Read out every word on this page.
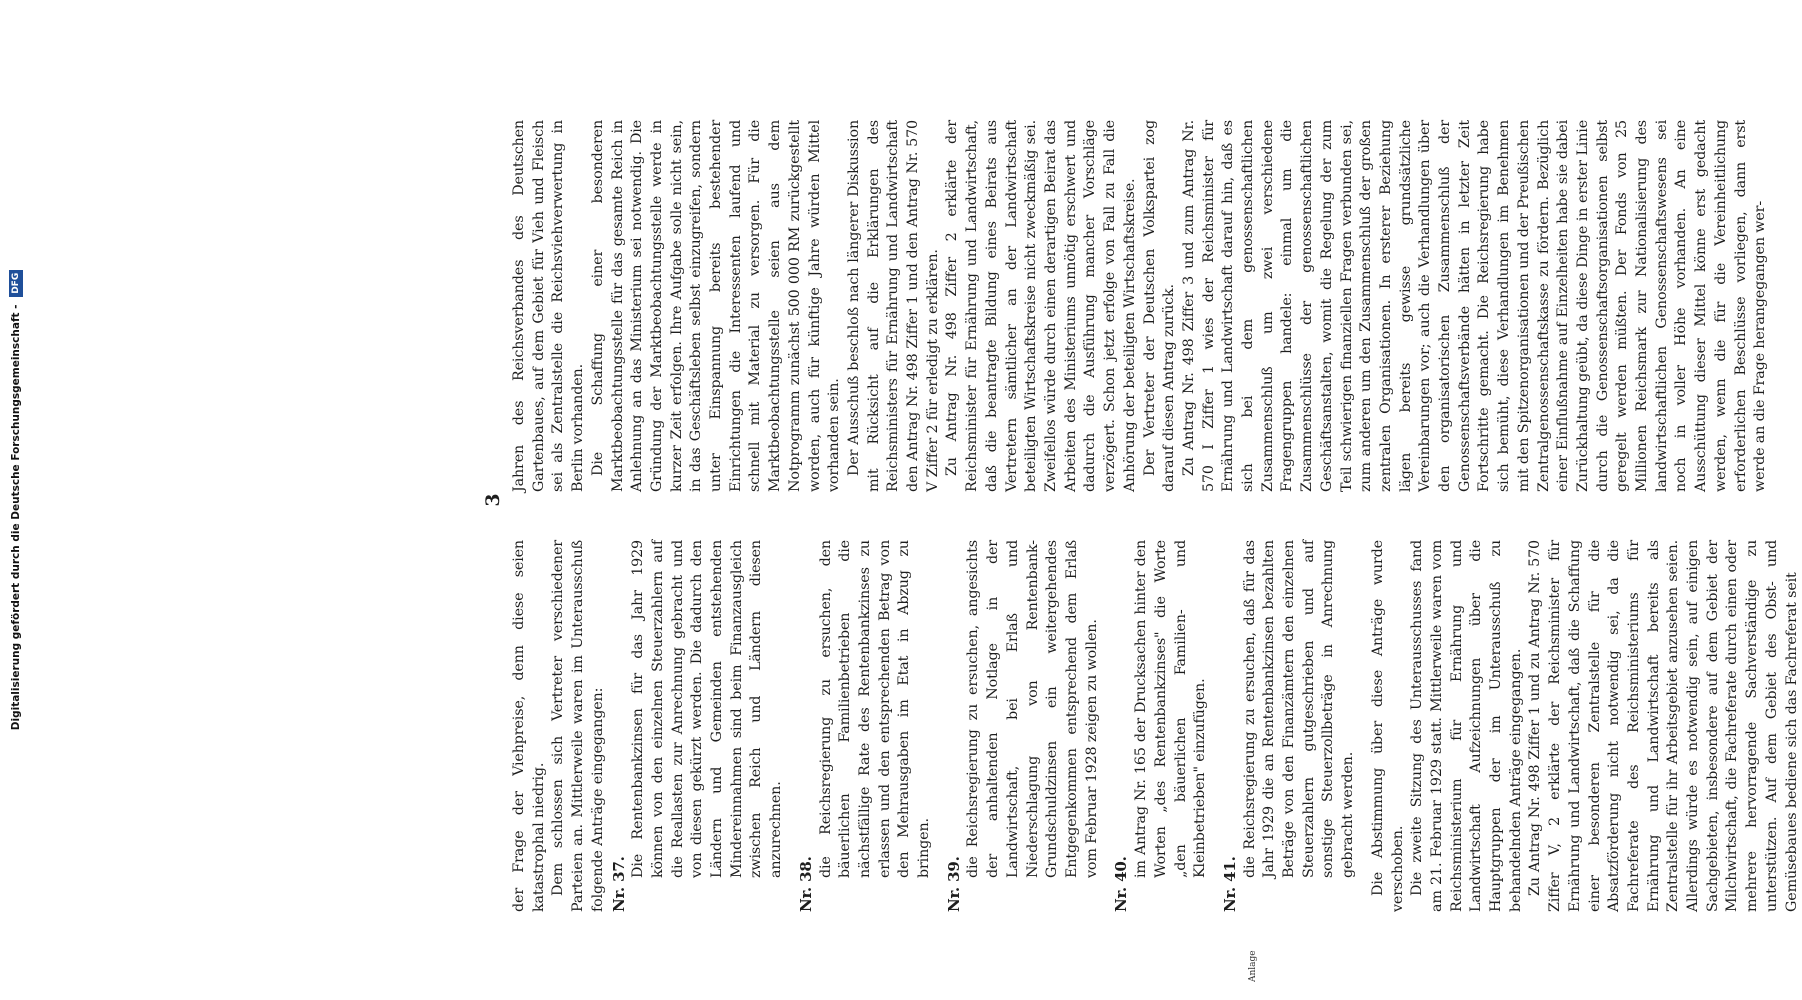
Digitalisierung gefördert durch die Deutsche Forschungsgemeinschaft - DFG
3
Anlage

der Frage der Viehpreise, denn diese seien katastrophal niedrig. Dem schlossen sich Vertreter verschiedener Parteien an. Mittlerweile waren im Unterausschuß folgende Anträge eingegangen: Nr. 37.

Die Rentenbankzinsen für das Jahr 1929 können von den einzelnen Steuerzahlern auf die Reallasten zur Anrechnung gebracht und von diesen gekürzt werden. Die dadurch den Ländern und Gemeinden entstehenden Mindereinnahmen sind beim Finanzausgleich zwischen Reich und Ländern diesen anzurechnen.

Nr. 38.

die Reichsregierung zu ersuchen, den bäuerlichen Familienbetrieben die nächstfällige Rate des Rentenbankzinses zu erlassen und den entsprechenden Betrag von den Mehrausgaben im Etat in Abzug zu bringen.

Nr. 39.

die Reichsregierung zu ersuchen, angesichts der anhaltenden Notlage in der Landwirtschaft, bei Erlaß und Niederschlagung von Rentenbank-Grundschuldzinsen ein weitergehendes Entgegenkommen entsprechend dem Erlaß vom Februar 1928 zeigen zu wollen.

Nr. 40.

im Antrag Nr. 165 der Drucksachen hinter den Worten „des Rentenbankzinses" die Worte „den bäuerlichen Familien- und Kleinbetrieben" einzufügen.

Nr. 41.

die Reichsregierung zu ersuchen, daß für das Jahr 1929 die an Rentenbankzinsen bezahlten Beträge von den Finanzämtern den einzelnen Steuerzahlern gutgeschrieben und auf sonstige Steuerzollbeträge in Anrechnung gebracht werden. Die Abstimmung über diese Anträge wurde verschoben. Die zweite Sitzung des Unterausschusses fand am 21. Februar 1929 statt. Mittlerweile waren vom Reichsministerium für Ernährung und Landwirtschaft Aufzeichnungen über die Hauptgruppen der im Unterausschuß zu behandelnden Anträge eingegangen. Zu Antrag Nr. 498 Ziffer 1 und zu Antrag Nr. 570 Ziffer V, 2 erklärte der Reichsminister für Ernährung und Landwirtschaft, daß die Schaffung einer besonderen Zentralstelle für die Absatzförderung nicht notwendig sei, da die Fachreferate des Reichsministeriums für Ernährung und Landwirtschaft bereits als Zentralstelle für ihr Arbeitsgebiet anzusehen seien. Allerdings würde es notwendig sein, auf einigen Sachgebieten, insbesondere auf dem Gebiet der Milchwirtschaft, die Fachreferate durch einen oder mehrere hervorragende Sachverständige zu unterstützen. Auf dem Gebiet des Obst- und Gemüsebaues bediene sich das Fachreferat seit

Jahren des Reichsverbandes des Deutschen Gartenbaues, auf dem Gebiet für Vieh und Fleisch sei als Zentralstelle die Reichsviehverwertung in Berlin vorhanden. Die Schaffung einer besonderen Marktbeobachtungsstelle für das gesamte Reich in Anlehnung an das Ministerium sei notwendig. Die Gründung der Marktbeobachtungsstelle werde in kurzer Zeit erfolgen. Ihre Aufgabe solle nicht sein, in das Geschäftsleben selbst einzugreifen, sondern unter Einspannung bereits bestehender Einrichtungen die Interessenten laufend und schnell mit Material zu versorgen. Für die Marktbeobachtungsstelle seien aus dem Notprogramm zunächst 500 000 RM zurückgestellt worden, auch für künftige Jahre würden Mittel vorhanden sein. Der Ausschuß beschloß nach längerer Diskussion mit Rücksicht auf die Erklärungen des Reichsministers für Ernährung und Landwirtschaft den Antrag Nr. 498 Ziffer 1 und den Antrag Nr. 570 V Ziffer 2 für erledigt zu erklären. Zu Antrag Nr. 498 Ziffer 2 erklärte der Reichsminister für Ernährung und Landwirtschaft, daß die beantragte Bildung eines Beirats aus Vertretern sämtlicher an der Landwirtschaft beteiligten Wirtschaftskreise nicht zweckmäßig sei. Zweifellos würde durch einen derartigen Beirat das Arbeiten des Ministeriums unnötig erschwert und dadurch die Ausführung mancher Vorschläge verzögert. Schon jetzt erfolge von Fall zu Fall die Anhörung der beteiligten Wirtschaftskreise. Der Vertreter der Deutschen Volkspartei zog darauf diesen Antrag zurück. Zu Antrag Nr. 498 Ziffer 3 und zum Antrag Nr. 570 I Ziffer 1 wies der Reichsminister für Ernährung und Landwirtschaft darauf hin, daß es sich bei dem genossenschaftlichen Zusammenschluß um zwei verschiedene Fragengruppen handele: einmal um die Zusammenschlüsse der genossenschaftlichen Geschäftsanstalten, womit die Regelung der zum Teil schwierigen finanziellen Fragen verbunden sei, zum anderen um den Zusammenschluß der großen zentralen Organisationen. In ersterer Beziehung lägen bereits gewisse grundsätzliche Vereinbarungen vor; auch die Verhandlungen über den organisatorischen Zusammenschluß der Genossenschaftsverbände hätten in letzter Zeit Fortschritte gemacht. Die Reichsregierung habe sich bemüht, diese Verhandlungen im Benehmen mit den Spitzenorganisationen und der Preußischen Zentralgenossenschaftskasse zu fördern. Bezüglich einer Einflußnahme auf Einzelheiten habe sie dabei Zurückhaltung geübt, da diese Dinge in erster Linie durch die Genossenschaftsorganisationen selbst geregelt werden müßten. Der Fonds von 25 Millionen Reichsmark zur Nationalisierung des landwirtschaftlichen Genossenschaftswesens sei noch in voller Höhe vorhanden. An eine Ausschüttung dieser Mittel könne erst gedacht werden, wenn die für die Vereinheitlichung erforderlichen Beschlüsse vorliegen, dann erst werde an die Frage herangegangen wer-
